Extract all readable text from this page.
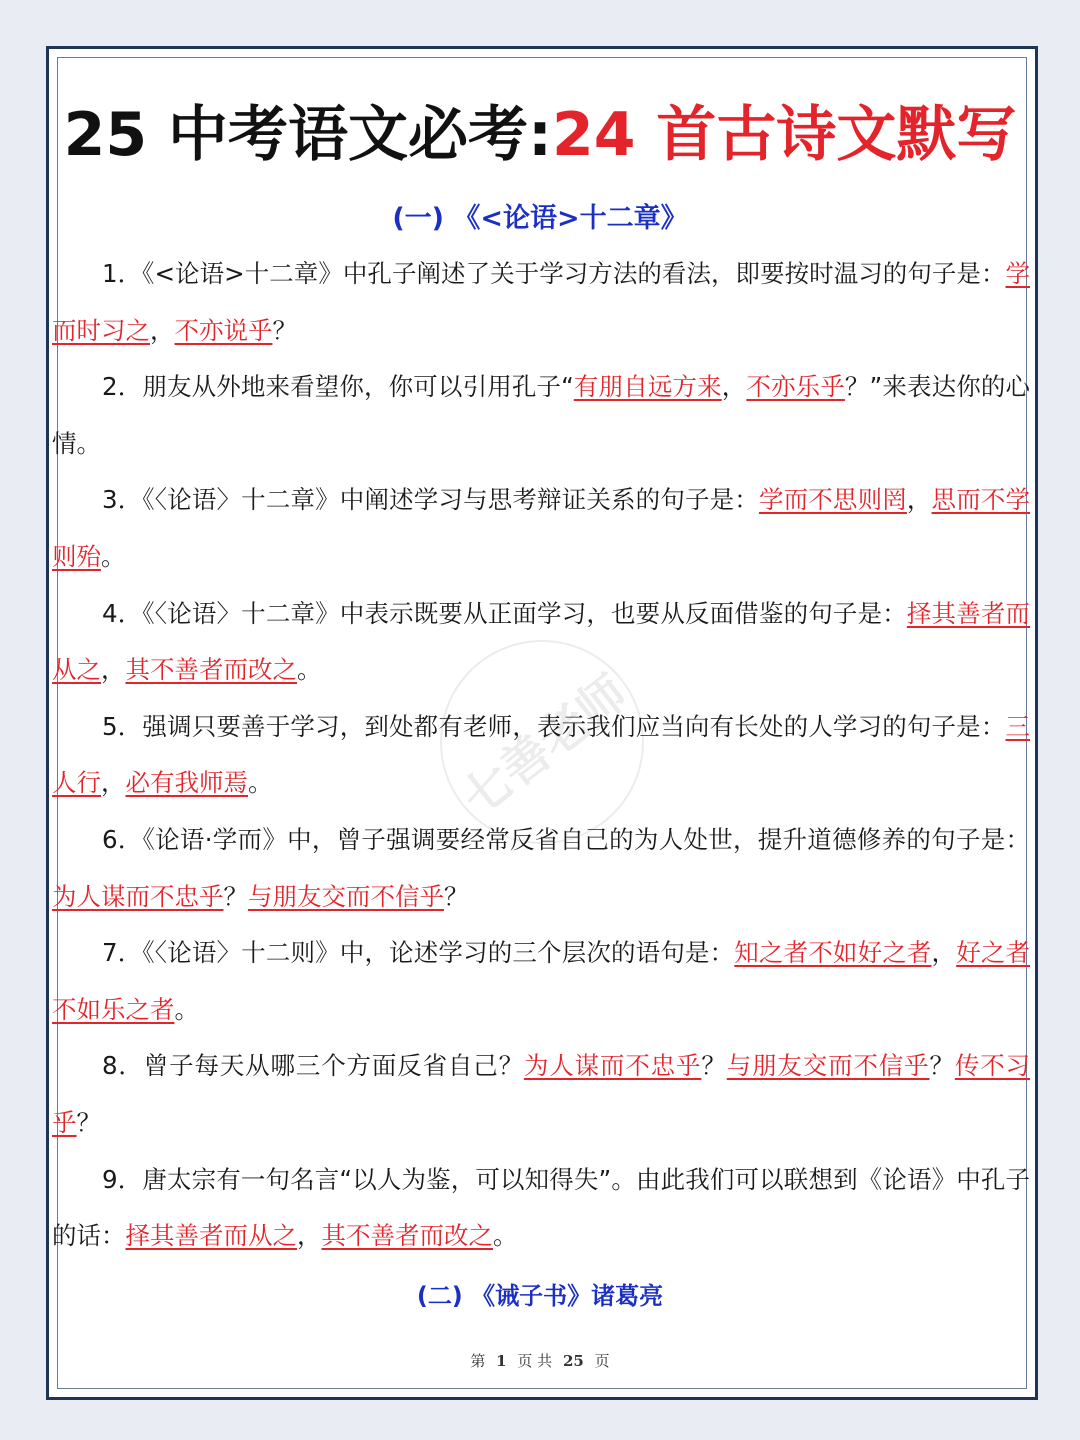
25 中考语文必考:24 首古诗文默写
(一) 《<论语>十二章》

1．《<论语>十二章》中孔子阐述了关于学习方法的看法，即要按时温习的句子是：学而时习之，不亦说乎？

2．朋友从外地来看望你，你可以引用孔子“有朋自远方来，不亦乐乎？”来表达你的心情。

3．《〈论语〉十二章》中阐述学习与思考辩证关系的句子是：学而不思则罔，思而不学则殆。

4．《〈论语〉十二章》中表示既要从正面学习，也要从反面借鉴的句子是：择其善者而从之，其不善者而改之。

5．强调只要善于学习，到处都有老师，表示我们应当向有长处的人学习的句子是：三人行，必有我师焉。

6．《论语·学而》中，曾子强调要经常反省自己的为人处世，提升道德修养的句子是：为人谋而不忠乎？与朋友交而不信乎？

7．《〈论语〉十二则》中，论述学习的三个层次的语句是：知之者不如好之者，好之者不如乐之者。

8．曾子每天从哪三个方面反省自己？为人谋而不忠乎？与朋友交而不信乎？传不习乎？

9．唐太宗有一句名言“以人为鉴，可以知得失”。由此我们可以联想到《论语》中孔子的话：择其善者而从之，其不善者而改之。

(二) 《诫子书》诸葛亮
第 1 页 共 25 页
